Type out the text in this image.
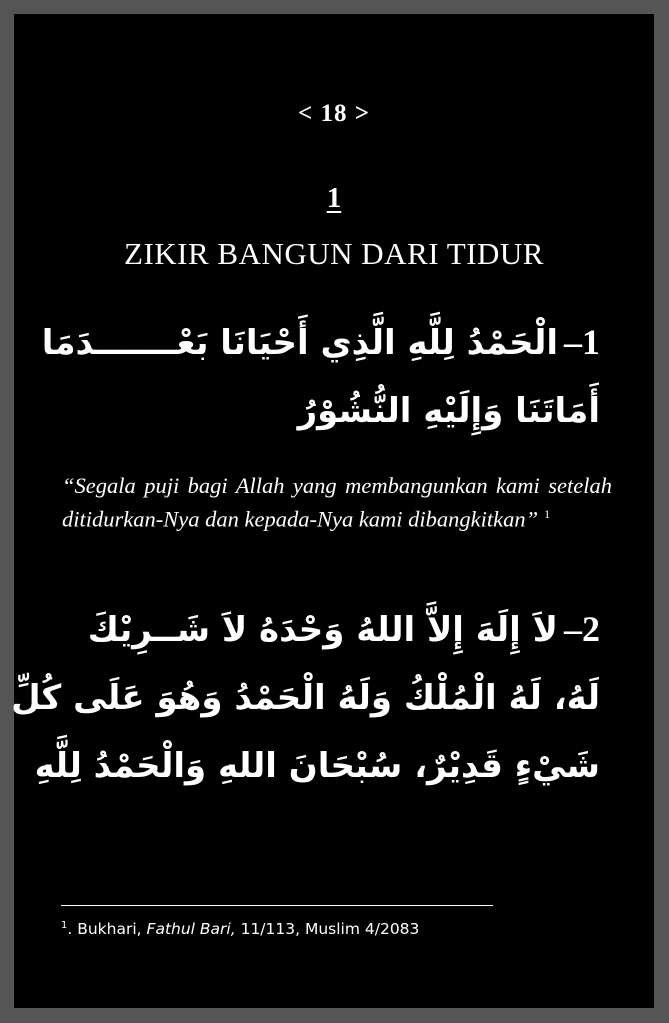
< 18 >
1
ZIKIR BANGUN DARI TIDUR
1–الْحَمْدُ لِلَّهِ الَّذِي أَحْيَانَا بَعْـــــــدَمَا
أَمَاتَنَا وَإِلَيْهِ النُّشُوْرُ
“Segala puji bagi Allah yang membangunkan kami setelah ditidurkan-Nya dan kepada-Nya kami dibangkitkan” $^1$
2–لاَ إِلَهَ إِلاَّ اللهُ وَحْدَهُ لاَ شَــرِيْكَ
لَهُ، لَهُ الْمُلْكُ وَلَهُ الْحَمْدُ وَهُوَ عَلَى كُلِّ
شَيْءٍ قَدِيْرٌ، سُبْحَانَ اللهِ وَالْحَمْدُ لِلَّهِ
$^1$. Bukhari, Fathul Bari, 11/113, Muslim 4/2083
